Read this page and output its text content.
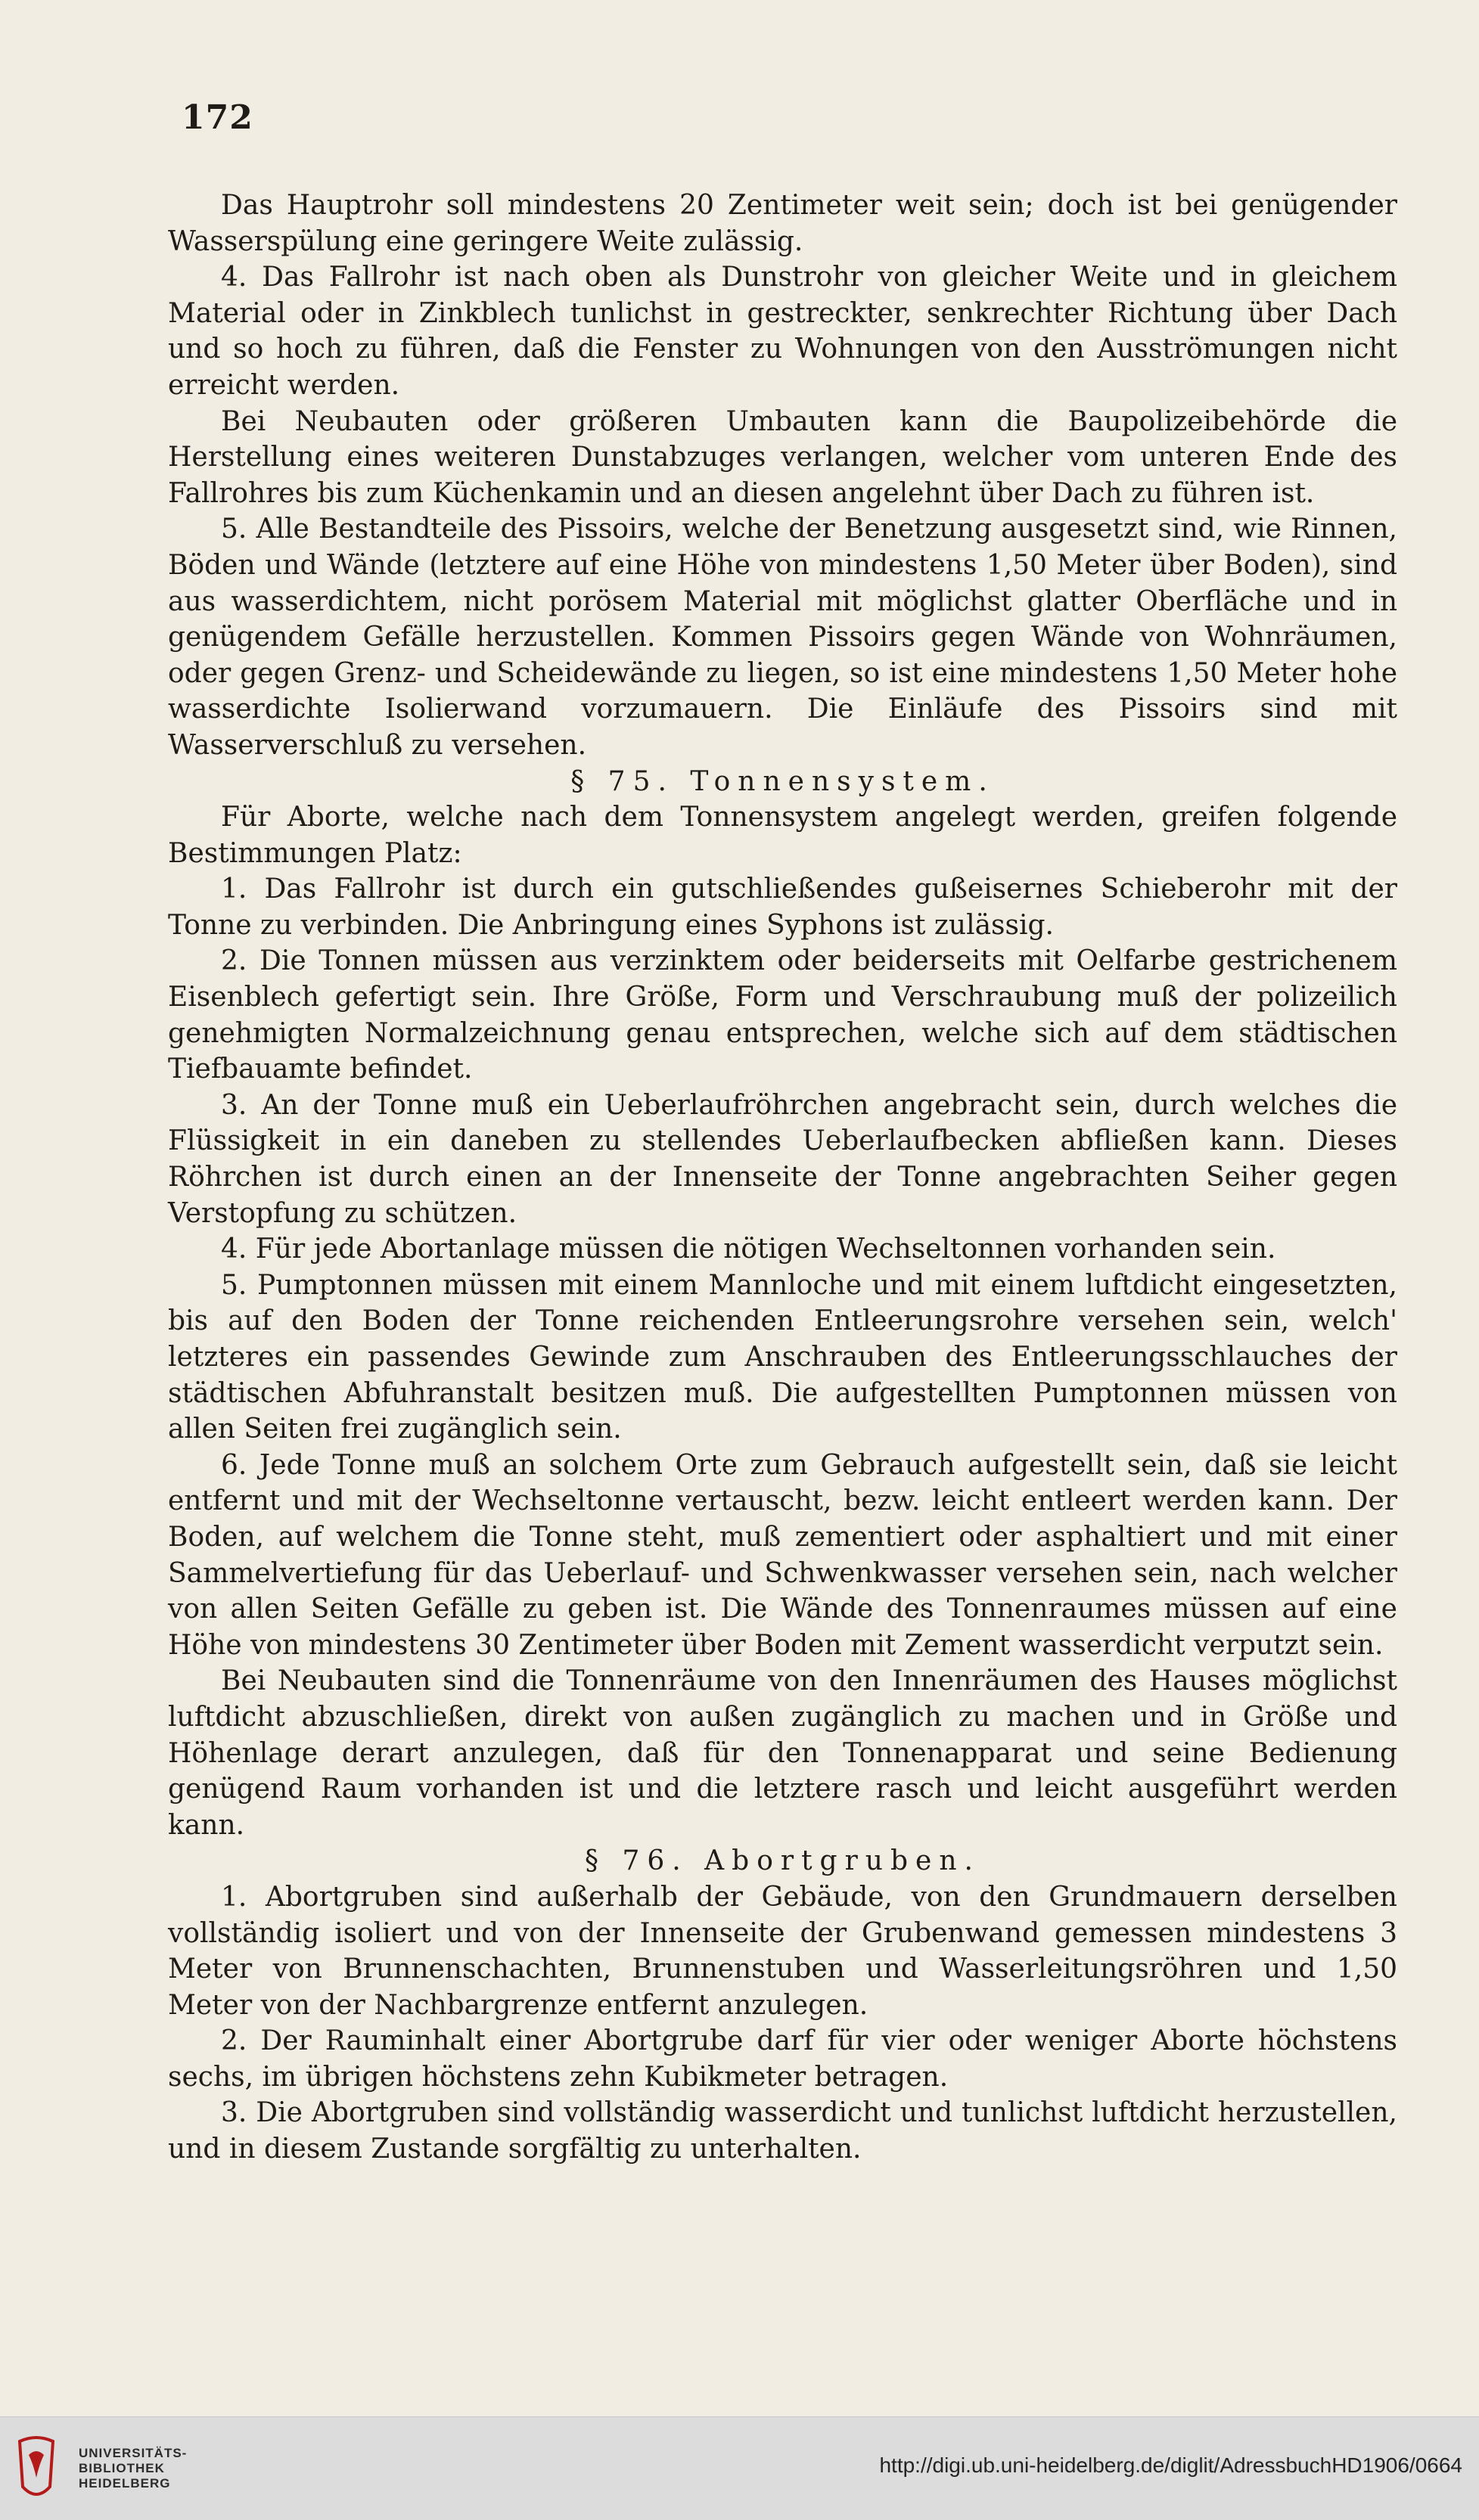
172

Das Hauptrohr soll mindestens 20 Zentimeter weit sein; doch ist bei genügender Wasserspülung eine geringere Weite zulässig.

4. Das Fallrohr ist nach oben als Dunstrohr von gleicher Weite und in gleichem Material oder in Zinkblech tunlichst in gestreckter, senkrechter Richtung über Dach und so hoch zu führen, daß die Fenster zu Wohnungen von den Ausströmungen nicht erreicht werden.

Bei Neubauten oder größeren Umbauten kann die Baupolizeibehörde die Herstellung eines weiteren Dunstabzuges verlangen, welcher vom unteren Ende des Fallrohres bis zum Küchenkamin und an diesen angelehnt über Dach zu führen ist.

5. Alle Bestandteile des Pissoirs, welche der Benetzung ausgesetzt sind, wie Rinnen, Böden und Wände (letztere auf eine Höhe von mindestens 1,50 Meter über Boden), sind aus wasserdichtem, nicht porösem Material mit möglichst glatter Oberfläche und in genügendem Gefälle herzustellen. Kommen Pissoirs gegen Wände von Wohnräumen, oder gegen Grenz- und Scheidewände zu liegen, so ist eine mindestens 1,50 Meter hohe wasserdichte Isolierwand vorzumauern. Die Einläufe des Pissoirs sind mit Wasserverschluß zu versehen.

§ 75. Tonnensystem.

Für Aborte, welche nach dem Tonnensystem angelegt werden, greifen folgende Bestimmungen Platz:

1. Das Fallrohr ist durch ein gutschließendes gußeisernes Schieberohr mit der Tonne zu verbinden. Die Anbringung eines Syphons ist zulässig.

2. Die Tonnen müssen aus verzinktem oder beiderseits mit Oelfarbe gestrichenem Eisenblech gefertigt sein. Ihre Größe, Form und Verschraubung muß der polizeilich genehmigten Normalzeichnung genau entsprechen, welche sich auf dem städtischen Tiefbauamte befindet.

3. An der Tonne muß ein Ueberlaufröhrchen angebracht sein, durch welches die Flüssigkeit in ein daneben zu stellendes Ueberlaufbecken abfließen kann. Dieses Röhrchen ist durch einen an der Innenseite der Tonne angebrachten Seiher gegen Verstopfung zu schützen.

4. Für jede Abortanlage müssen die nötigen Wechseltonnen vorhanden sein.

5. Pumptonnen müssen mit einem Mannloche und mit einem luftdicht eingesetzten, bis auf den Boden der Tonne reichenden Entleerungsrohre versehen sein, welch' letzteres ein passendes Gewinde zum Anschrauben des Entleerungsschlauches der städtischen Abfuhranstalt besitzen muß. Die aufgestellten Pumptonnen müssen von allen Seiten frei zugänglich sein.

6. Jede Tonne muß an solchem Orte zum Gebrauch aufgestellt sein, daß sie leicht entfernt und mit der Wechseltonne vertauscht, bezw. leicht entleert werden kann. Der Boden, auf welchem die Tonne steht, muß zementiert oder asphaltiert und mit einer Sammelvertiefung für das Ueberlauf- und Schwenkwasser versehen sein, nach welcher von allen Seiten Gefälle zu geben ist. Die Wände des Tonnenraumes müssen auf eine Höhe von mindestens 30 Zentimeter über Boden mit Zement wasserdicht verputzt sein.

Bei Neubauten sind die Tonnenräume von den Innenräumen des Hauses möglichst luftdicht abzuschließen, direkt von außen zugänglich zu machen und in Größe und Höhenlage derart anzulegen, daß für den Tonnenapparat und seine Bedienung genügend Raum vorhanden ist und die letztere rasch und leicht ausgeführt werden kann.

§ 76. Abortgruben.

1. Abortgruben sind außerhalb der Gebäude, von den Grundmauern derselben vollständig isoliert und von der Innenseite der Grubenwand gemessen mindestens 3 Meter von Brunnenschachten, Brunnenstuben und Wasserleitungsröhren und 1,50 Meter von der Nachbargrenze entfernt anzulegen.

2. Der Rauminhalt einer Abortgrube darf für vier oder weniger Aborte höchstens sechs, im übrigen höchstens zehn Kubikmeter betragen.

3. Die Abortgruben sind vollständig wasserdicht und tunlichst luftdicht herzustellen, und in diesem Zustande sorgfältig zu unterhalten.

UNIVERSITÄTS-
BIBLIOTHEK
HEIDELBERG
http://digi.ub.uni-heidelberg.de/diglit/AdressbuchHD1906/0664
